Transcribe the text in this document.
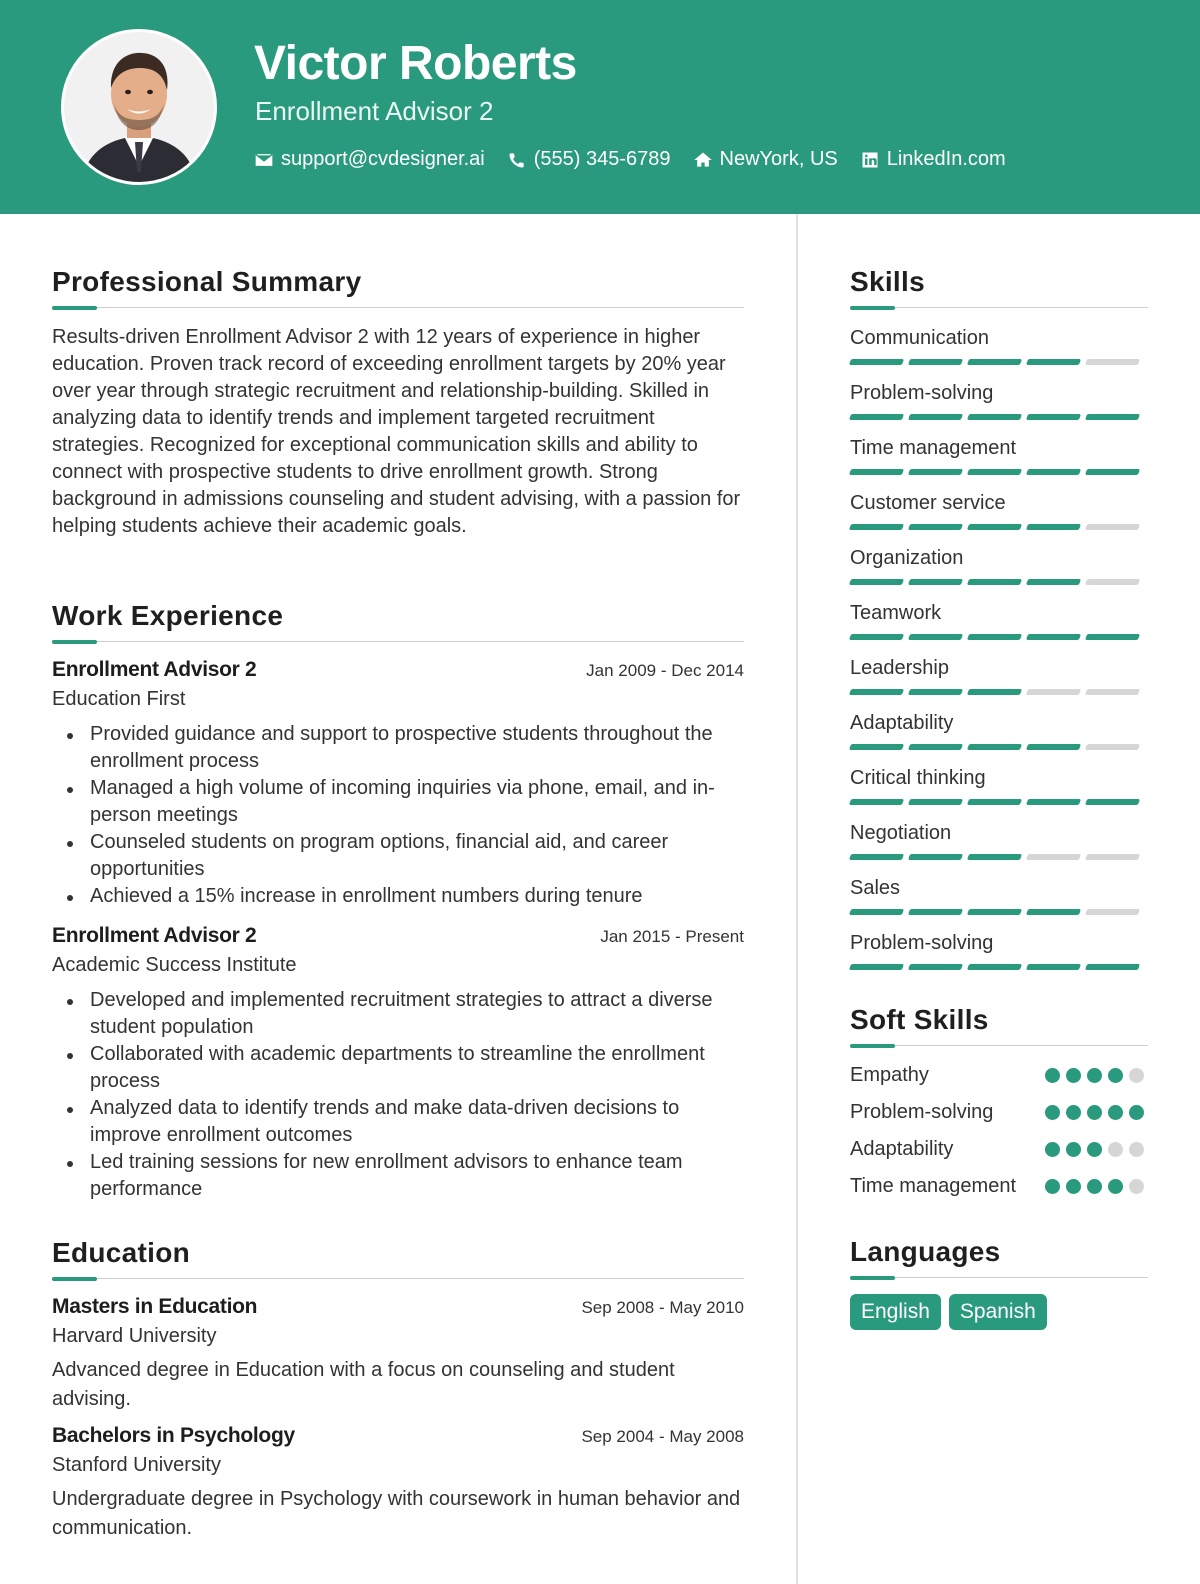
Victor Roberts
Enrollment Advisor 2
support@cvdesigner.ai (555) 345-6789 NewYork, US LinkedIn.com
Professional Summary

Results-driven Enrollment Advisor 2 with 12 years of experience in higher education. Proven track record of exceeding enrollment targets by 20% year over year through strategic recruitment and relationship-building. Skilled in analyzing data to identify trends and implement targeted recruitment strategies. Recognized for exceptional communication skills and ability to connect with prospective students to drive enrollment growth. Strong background in admissions counseling and student advising, with a passion for helping students achieve their academic goals.

Work Experience
Enrollment Advisor 2	Jan 2009 - Dec 2014
Education First
Provided guidance and support to prospective students throughout the enrollment process
Managed a high volume of incoming inquiries via phone, email, and in-person meetings
Counseled students on program options, financial aid, and career opportunities
Achieved a 15% increase in enrollment numbers during tenure
Enrollment Advisor 2	Jan 2015 - Present
Academic Success Institute
Developed and implemented recruitment strategies to attract a diverse student population
Collaborated with academic departments to streamline the enrollment process
Analyzed data to identify trends and make data-driven decisions to improve enrollment outcomes
Led training sessions for new enrollment advisors to enhance team performance
Education
Masters in Education	Sep 2008 - May 2010
Harvard University

Advanced degree in Education with a focus on counseling and student advising.

Bachelors in Psychology	Sep 2004 - May 2008
Stanford University

Undergraduate degree in Psychology with coursework in human behavior and communication.

Skills
Communication
Problem-solving
Time management
Customer service
Organization
Teamwork
Leadership
Adaptability
Critical thinking
Negotiation
Sales
Problem-solving
Soft Skills
Empathy
Problem-solving
Adaptability
Time management
Languages
English	Spanish
